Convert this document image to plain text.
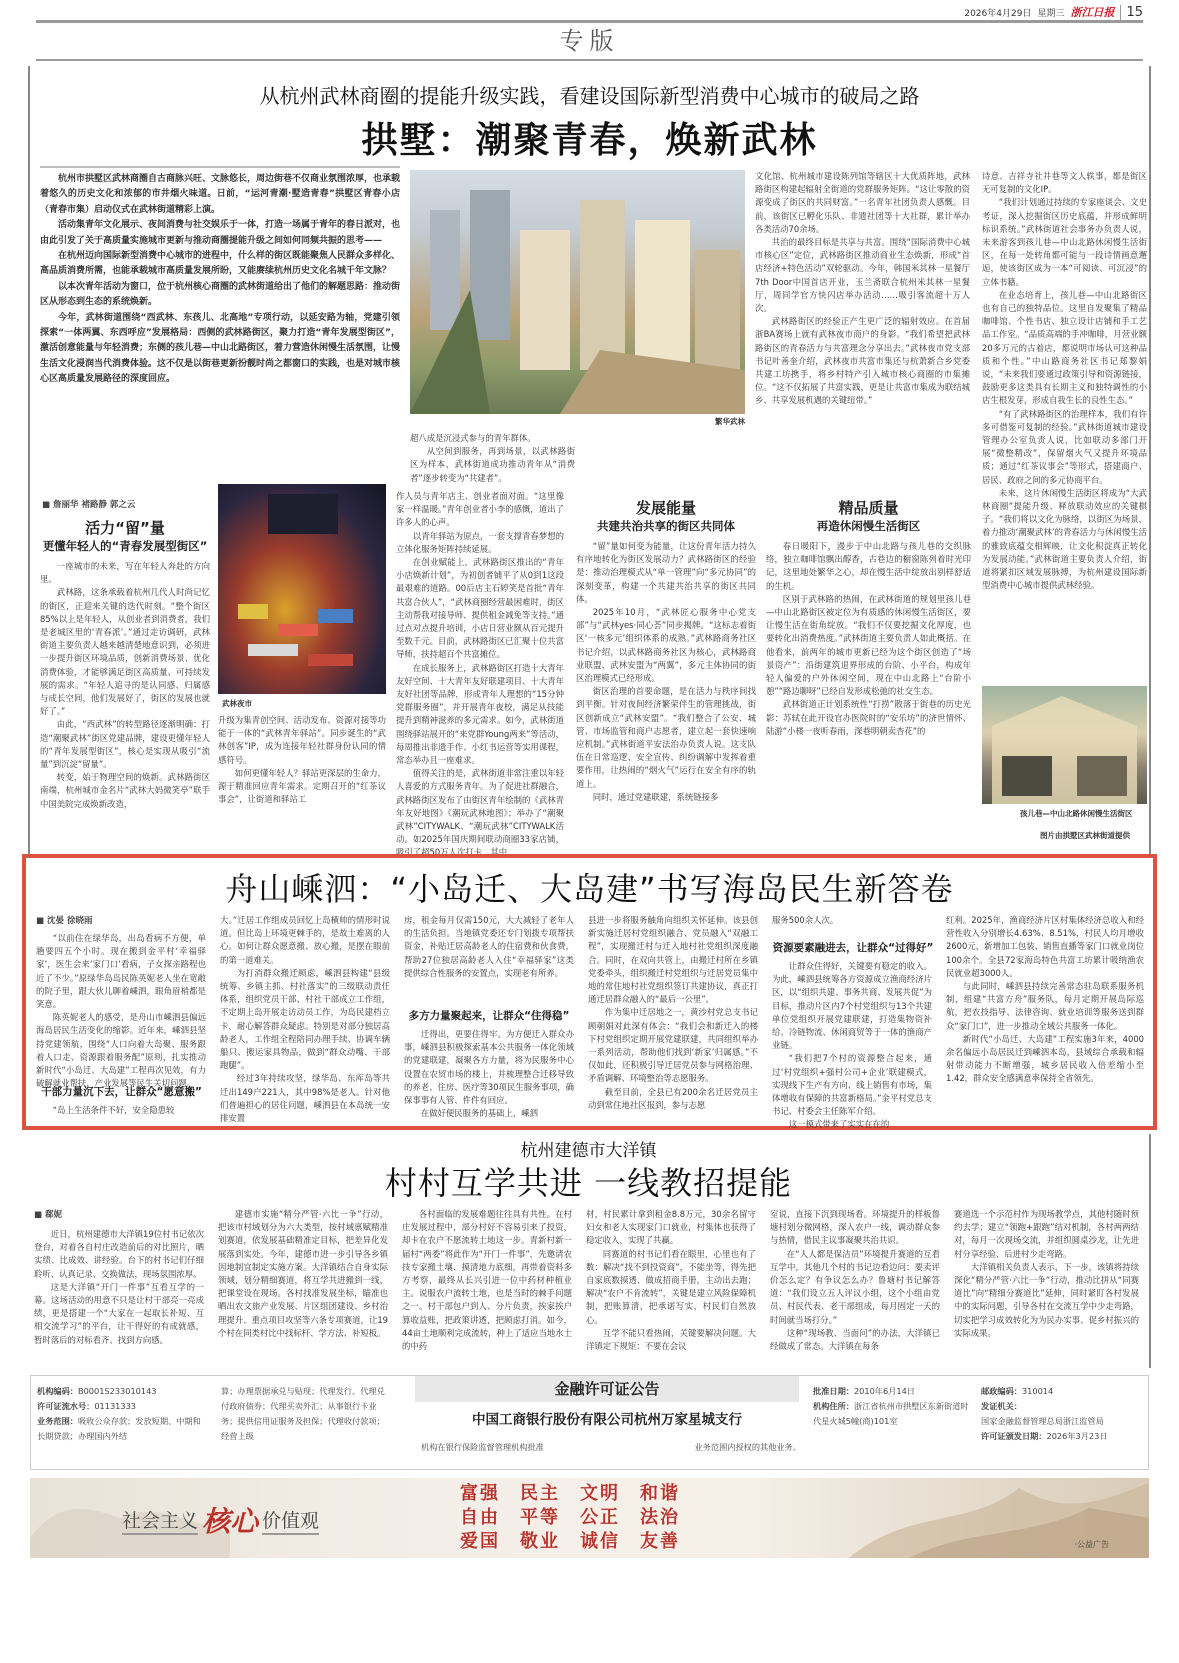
2026年4月29日 星期三 浙江日报 15
专版
从杭州武林商圈的提能升级实践，看建设国际新型消费中心城市的破局之路
拱墅：潮聚青春，焕新武林

杭州市拱墅区武林商圈自古商脉兴旺、文脉悠长，周边街巷不仅商业氛围浓厚，也承载着悠久的历史文化和浓郁的市井烟火味道。日前，“运河青潮·墅造青春”拱墅区青春小店（青春市集）启动仪式在武林街道精彩上演。

活动集青年文化展示、夜间消费与社交娱乐于一体，打造一场属于青年的春日派对，也由此引发了关于高质量实施城市更新与推动商圈提能升级之间如何同频共振的思考——

在杭州迈向国际新型消费中心城市的进程中，什么样的街区既能聚焦人民群众多样化、高品质消费所需，也能承载城市高质量发展所盼，又能赓续杭州历史文化名城千年文脉？

以本次青年活动为窗口，位于杭州核心商圈的武林街道给出了他们的解题思路：推动街区从形态到生态的系统焕新。

今年，武林街道围绕“西武林、东孩儿、北高地”专项行动，以延安路为轴，党建引领探索“一体两翼、东西呼应”发展格局：西侧的武林路街区，聚力打造“青年发展型街区”，激活创意能量与年轻消费；东侧的孩儿巷—中山北路街区，着力营造休闲慢生活氛围，让慢生活文化浸润当代消费体验。这不仅是以街巷更新扮靓时尚之都窗口的实践，也是对城市核心区高质量发展路径的深度回应。

繁华武林

文化馆、杭州城市建设陈列馆等辖区十大优质阵地，武林路街区构建起辐射全街道的党群服务矩阵。“这让零散的资源变成了街区的共同财富。”一名青年社团负责人感慨。目前，该街区已孵化乐队、非遗社团等十大社群，累计举办各类活动70余场。

共治的最终目标是共享与共富。围绕“国际消费中心城市核心区”定位，武林路街区推动商业生态焕新，形成“首店经济+特色活动”双轮驱动。今年，韩国米其林一星餐厅7th Door中国首店开业，玉兰斋联合杭州米其林一星餐厅，周同学官方快闪店举办活动……吸引客流超十万人次。

武林路街区的经验正产生更广泛的辐射效应。在首届浙BA赛场上就有武林夜市商户的身影。“我们希望把武林路街区的青春活力与共富理念分享出去。”武林夜市党支部书记叶善奎介绍，武林夜市共富市集还与杭萧新合乡党委共建工坊携手，将乡村特产引入城市核心商圈的市集摊位。“这不仅拓展了共富实践，更是让共富市集成为联结城乡、共享发展机遇的关键纽带。”

诗意、吉祥寺社井巷等文人轶事，都是街区无可复制的文化IP。

“我们计划通过持续的专家座谈会、文史考证，深入挖掘街区历史底蕴，并形成鲜明标识系统。”武林街道社会事务办负责人说，未来游客到孩儿巷—中山北路休闲慢生活街区，在每一处转角都可能与一段诗情画意邂逅，使该街区成为一本“可阅读、可沉浸”的立体书籍。

在业态培育上，孩儿巷—中山北路街区也有自己的独特品位。这里自发聚集了精品咖啡馆、个性书店、独立设计店铺和手工艺品工作室。“品质高端的手冲咖啡，月营业额20多万元的古着店，都说明市场认可这种品质和个性。”中山路商务社区书记郑黎娟说，“未来我们要通过政策引导和资源链接，鼓励更多这类具有长期主义和独特调性的小店生根发芽，形成自我生长的良性生态。”

“有了武林路街区的治理样本，我们有许多可借鉴可复制的经验。”武林街道城市建设管理办公室负责人说，比如联动多部门开展“微整精改”，保留烟火气又提升环境品质；通过“红茶议事会”等形式，搭建商户、居民、政府之间的多元协商平台。

未来，这片休闲慢生活街区将成为“大武林商圈”提能升级、释放联动效应的关键棋子。“我们将以文化为脉络，以街区为场景，着力推动‘潮聚武林’的青春活力与休闲慢生活的雅致底蕴交相辉映，让文化积淀真正转化为发展动能。”武林街道主要负责人介绍，街道将紧扣区域发展脉搏，为杭州建设国际新型消费中心城市提供武林经验。

超八成是沉浸式参与的青年群体。

从空间到服务，再到场景，以武林路街区为样本，武林街道成功推动青年从“消费者”逐步转变为“共建者”。

■ 詹丽华 褚路静 郭之云
活力“留”量
更懂年轻人的“青春发展型街区”

一座城市的未来，写在年轻人奔赴的方向里。

武林路，这条承载着杭州几代人时尚记忆的街区，正迎来关键的迭代时刻。“整个街区85%以上是年轻人，从创业者到消费者，我们是老城区里的‘青春派’。”通过走访调研，武林街道主要负责人越来越清楚地意识到，必须进一步提升街区环境品质，创新消费场景、优化消费体验，才能够满足街区高质量、可持续发展的需求。“年轻人追寻的是认同感、归属感与成长空间，他们发展好了，街区的发展也就好了。”

由此，“西武林”的转型路径逐渐明确：打造“潮聚武林”街区党建品牌，建设更懂年轻人的“青年发展型街区”，核心是实现从吸引“流量”到沉淀“留量”。

转变，始于物理空间的焕新。武林路街区南端，杭州城市金名片“武林大妈微笑亭”联手中国美院完成焕新改造，

武林夜市

升级为集青创空间、活动发布、资源对接等功能于一体的“武林青年驿站”。同步诞生的“武林创客”IP，成为连接年轻社群身份认同的情感符号。

如何更懂年轻人？驿站更深层的生命力，源于精准回应青年需求。定期召开的“红茶议事会”，让街道和驿站工

作人员与青年店主、创业者面对面。“这里像家一样温暖。”青年创业者小李的感慨，道出了许多人的心声。

以青年驿站为原点，一套支撑青春梦想的立体化服务矩阵持续延展。

在创业赋能上，武林路街区推出的“青年小店焕新计划”，为初创者铺平了从0到1这段最艰难的道路。00后店主石婷笑是首批“青年共富合伙人”，“武林商圈经营最困难时，街区主动帮我对接导师、提供租金减免等支持。”通过点对点提升培训，小店日营业额从百元提升至数千元。目前，武林路街区已汇聚十位共富导师，扶持超百个共富摊位。

在成长服务上，武林路街区打造十大青年友好空间、十大青年友好联建项目、十大青年友好社团等品牌，形成青年人理想的“15分钟党群服务圈”，并开展青年夜校，满足从技能提升到精神滋养的多元需求。如今，武林街道围绕驿站展开的“来党群Young两来”等活动，每周推出非遗手作、小红书运营等实用课程，常态举办且一座难求。

值得关注的是，武林街道非常注重以年轻人喜爱的方式服务青年。为了促进社群融合，武林路街区发布了由街区青年绘制的《武林青年友好地图》《潮玩武林地图》；举办了“潮聚武林”CITYWALK、“潮玩武林”CITYWALK活动。如2025年国庆期间联动商圈33家店铺，吸引了超50万人次打卡，其中

发展能量
共建共治共享的街区共同体

“留”量如何变为能量，让这份青年活力持久有序地转化为街区发展动力？武林路街区的经验是：推动治理模式从“单一管理”向“多元协同”的深刻变革，构建一个共建共治共享的街区共同体。

2025年10月，“武林匠心服务中心党支部”与“武林yes·同心荟”同步揭牌。“这标志着街区‘一核多元’组织体系的成熟。”武林路商务社区书记介绍，以武林路商务社区为核心，武林路商业联盟、武林安盟为“两翼”，多元主体协同的街区治理模式已经形成。

街区治理的首要命题，是在活力与秩序间找到平衡。针对夜间经济繁荣伴生的管理挑战，街区创新成立“武林安盟”。“我们整合了公安、城管、市场监管和商户志愿者，建立起一套快速响应机制。”武林街道平安法治办负责人说。这支队伍在日常巡逻、安全宣传、纠纷调解中发挥着重要作用，让热闹的“烟火气”运行在安全有序的轨道上。

同时，通过党建联建，系统链接多

精品质量
再造休闲慢生活街区

春日暖阳下，漫步于中山北路与孩儿巷的交织脉络，独立咖啡馆飘出醇香，古巷边的橱窗陈列着时光印记，这里地处繁华之心，却在慢生活中绽放出别样舒适的生机。

区别于武林路的热闹，在武林街道的规划里孩儿巷—中山北路街区被定位为有质感的休闲慢生活街区，要让慢生活在街角绽放。“我们不仅要挖掘文化厚度，也要转化出消费热度。”武林街道主要负责人如此概括。在他看来，前两年的城市更新已经为这个街区创造了“场景资产”：沿街建筑退界形成的台阶、小平台，构成年轻人偏爱的户外休闲空间，现在中山北路上“台阶小憩”“路边聊呀”已经自发形成松弛的社交生态。

武林街道正计划系统性“打捞”散落于街巷的历史光影：苏轼在此开设官办医院时的“安乐坊”的济世情怀、陆游“小楼一夜听春雨，深巷明朝卖杏花”的

孩儿巷—中山北路休闲慢生活街区
图片由拱墅区武林街道提供
舟山嵊泗：“小岛迁、大岛建”书写海岛民生新答卷
■ 沈晏 徐晓雨

“以前住在绿华岛，出岛看病不方便，单趟要四五个小时。现在搬到金平村‘幸福驿家’，医生会来‘家门口’看病，子女探亲路程也近了不少。”原绿华岛岛民陈英妮老人坐在宽敞的院子里，跟大伙儿聊着嵊泗，眼角眉梢都是笑意。

陈英妮老人的感受，是舟山市嵊泗县偏远海岛居民生活变化的缩影。近年来，嵊泗县坚持党建领航，围绕“人口向着大岛聚、服务跟着人口走、资源跟着服务配”原则，扎实推动新时代“小岛迁、大岛建”工程再次见效，有力破解就业帮扶、产业发展等民生关切问题。

干部力量沉下去，让群众“愿意搬”

“岛上生活条件不好，安全隐患较

大。”迁居工作组成员回忆上岛横帅的情形时说道。但比岛上环境更棘手的，是故土难离的人心。如何让群众愿意搬、放心搬，是摆在眼前的第一道难关。

为打消群众搬迁顾虑，嵊泗县构建“县级统筹、乡镇主抓、村社落实”的三级联动责任体系，组织党员干部、村社干部成立工作组，不定期上岛开展走访动员工作，为岛民建档立卡，耐心解答群众疑虑。特别是对部分独居高龄老人，工作组全程陪同办理手续、协调车辆船只、搬运家具物品，做到“群众动嘴、干部跑腿”。

经过3年持续攻坚，绿华岛、东库岛等共迁出149户221人，其中98%是老人。针对他们普遍担心的居住问题，嵊泗县在本岛统一安排安置

房，租金每月仅需150元，大大减轻了老年人的生活负担。当地镇党委还专门划拨专项帮扶资金，补贴迁居高龄老人的住宿费和伙食费，帮助27位独居高龄老人入住“幸福驿家”这类提供综合性服务的安置点，实现老有所养。

多方力量聚起来，让群众“住得稳”

迁得出，更要住得牢。为方便迁入群众办事，嵊泗县积极探索基本公共服务一体化领域的党建联建，凝聚各方力量，将为民服务中心设置在农贸市场的楼上，并梳理整合迁移导致的养老、住房、医疗等30项民生服务事项，确保事事有人管、件件有回应。

在做好便民服务的基础上，嵊泗

县进一步将服务触角向组织关怀延伸。该县创新实施迁居村党组织融合、党员融入“双融工程”，实现搬迁村与迁入地村社党组织深度融合。同时，在双向共管上，由搬迁村所在乡镇党委牵头，组织搬迁村党组织与迁居党员集中地的常住地村社党组织签订共建协议，真正打通迁居群众融入的“最后一公里”。

作为集中迁居地之一，黄沙村党总支书记顾朝娟对此深有体会：“我们会和新迁入的楼下村党组织定期开展党建联建，共同组织举办一系列活动，帮助他们找到‘新家’归属感。”不仅如此，还积极引导迁居党员参与网格治理、矛盾调解、环境整治等志愿服务。

截至目前，全县已有200余名迁居党员主动到常住地社区报到，参与志愿

服务500余人次。

资源要素融进去，让群众“过得好”

让群众住得好，关键要有稳定的收入。为此，嵊泗县统筹各方资源成立渔商经济片区，以“组织共建、事务共商、发展共促”为目标，推动片区内7个村党组织与13个共建单位党组织开展党建联建，打造集物资补给、冷链物流、休闲商贸等于一体的渔商产业链。

“我们把7个村的资源整合起来，通过‘村党组织+强村公司+企业’联建模式，实现线下生产有方向、线上销售有市场，集体增收有保障的共富新格局。”金平村党总支书记、村委会主任陈军介绍。

这一模式带来了实实在在的

红利。2025年，渔商经济片区村集体经济总收入和经营性收入分别增长4.63%、8.51%，村民人均月增收2600元，新增加工包装、销售直播等家门口就业岗位100余个。全县72家海岛特色共富工坊累计吸纳渔农民就业超3000人。

与此同时，嵊泗县持续完善常态驻岛联系服务机制，组建“共富方舟”服务队，每月定期开展岛际巡航，把农技指导、法律咨询、就业培训等服务送到群众“家门口”，进一步推动全域公共服务一体化。

新时代“小岛迁、大岛建”工程实施3年来，4000余名偏远小岛居民迁到嵊泗本岛，县域综合承载和辐射带动能力不断增强，城乡居民收入倍差缩小至1.42，群众安全感满意率保持全省领先。

杭州建德市大洋镇
村村互学共进 一线教招提能
■ 郗妮

近日，杭州建德市大洋镇19位村书记依次登台，对着各自村庄改造前后的对比照片，晒实绩、比成效、讲经验。台下的村书记们仔细聆听、认真记录、交换做法，现场氛围浓厚。

这是大洋镇“开门一件事”互看互学的一幕。这场活动的用意不只是让村干部亮一亮成绩，更是搭建一个“大家在一起取长补短、互相交流学习”的平台，让干得好的有成就感，暂时落后的对标看齐、找到方向感。

建德市实施“精分严管·六比一争”行动，把该市村域划分为六大类型，按村域禀赋精准划赛道，依发展基础精准定目标，把差异化发展落到实处。今年，建德市进一步引导各乡镇因地制宜制定实施方案。大洋镇结合自身实际领域，划分精细赛道，将互学共进搬到一线，把课堂设在现场。各村找准发展坐标，瞄准也晒出农文旅产业发展、片区组团建设、乡村治理提升、重点项目攻坚等六条专项赛道，让19个村在同类村比中找标杆、学方法、补短板。

各村面临的发展难题往往具有共性。在村庄发展过程中，部分村好不容易引来了投资，却卡在农户不愿流转土地这一步。青新村新一届村“两委”将此作为“开门一件事”，先邀请农技专家搬土壤、摸清地力底细，再带着资料多方考察，最终从长兴引进一位中药材种植业主。说服农户流转土地，也是当时的棘手问题之一。村干部包户到人、分片负责，挨家挨户算收益账，把政策讲透，把顾虑打消。如今，44亩土地顺利完成流转，种上了适应当地水土的中药

材，村民累计拿到租金8.8万元，30余名留守妇女和老人实现家门口就业，村集体也获得了稳定收入，实现了共赢。

同赛道的村书记们看在眼里，心里也有了数：解决“找不到投资商”，不能坐等，得先把自家底数摸透、做成招商手册，主动出去跑；解决“农户不肯流转”，关键是建立风险保障机制，把账算清，把承诺写实，村民们自然放心。

互学不能只看热闹，关键要解决问题。大洋镇定下规矩：不要在会议

室说，直接下沉到现场看。环境提升的样板鲁塘村划分微网格，深入农户一线，调动群众参与热情，借民主议事凝聚共治共识。

在“人人都是保洁员”环境提升赛道的互看互学中，其他几个村的书记边看边问：要卖评价怎么定？有争议怎么办？鲁塘村书记解答道：“我们设立五人评议小组，这个小组由党员、村民代表、老干部组成，每月固定一天的时间就当场打分。”

这种“现场教、当面问”的办法，大洋镇已经做成了常态。大洋镇在每条

赛道选一个示范村作为现场教学点，其他村随时预约去学；建立“领跑+跟跑”结对机制，各村两两结对，每月一次现场交流，并组织圆桌沙龙，让先进村分享经验、后进村少走弯路。

大洋镇相关负责人表示，下一步，该镇将持续深化“精分严管·六比一争”行动，推动比拼从“同赛道比”向“精细分赛道比”延伸，同时紧盯各村发展中的实际问题，引导各村在交流互学中少走弯路，切实把学习成效转化为为民办实事、促乡村振兴的实际成果。

机构编码：B0001S233010143
许可证流水号：01131333
业务范围：吸收公众存款；发放短期、中期和长期贷款；办理国内外结
算；办理票据承兑与贴现；代理发行、代理兑付政府债券；代理买卖外汇；从事银行卡业务；提供信用证服务及担保；代理收付款项；经营上级
金融许可证公告
中国工商银行股份有限公司杭州万家星城支行
机构在银行保险监督管理机构批准	业务范围内授权的其他业务。
批准日期：2010年6月14日
机构住所：浙江省杭州市拱墅区东新街道时代星火城5幢(商)101室
邮政编码：310014
发证机关：
国家金融监督管理总局浙江监管局
许可证颁发日期：2026年3月23日
社会主义 核心 价值观
富强 民主 文明 和谐
自由 平等 公正 法治
爱国 敬业 诚信 友善	·公益广告
